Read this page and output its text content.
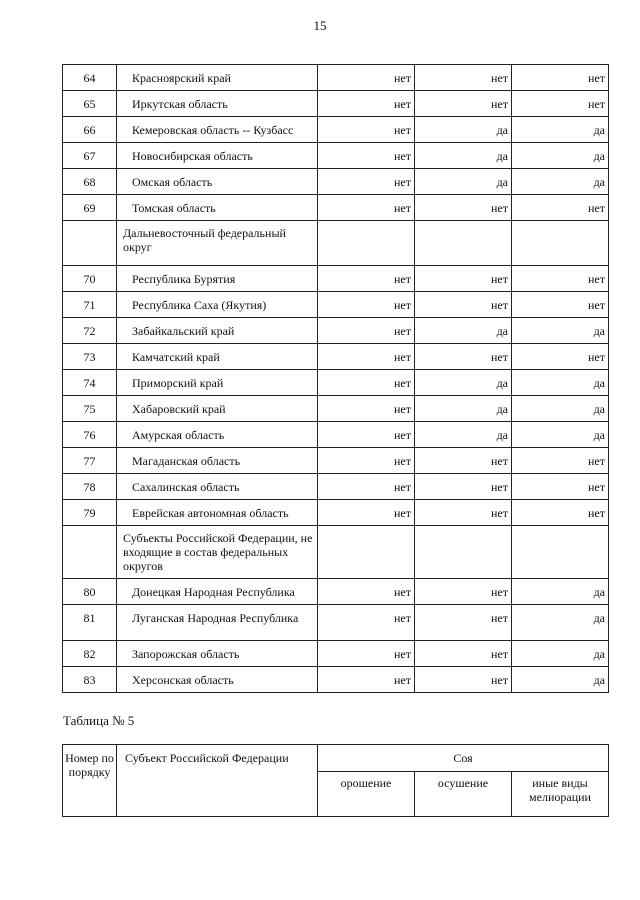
15
64	Красноярский край	нет	нет	нет
65	Иркутская область	нет	нет	нет
66	Кемеровская область -- Кузбасс	нет	да	да
67	Новосибирская область	нет	да	да
68	Омская область	нет	да	да
69	Томская область	нет	нет	нет
	Дальневосточный федеральный округ			
70	Республика Бурятия	нет	нет	нет
71	Республика Саха (Якутия)	нет	нет	нет
72	Забайкальский край	нет	да	да
73	Камчатский край	нет	нет	нет
74	Приморский край	нет	да	да
75	Хабаровский край	нет	да	да
76	Амурская область	нет	да	да
77	Магаданская область	нет	нет	нет
78	Сахалинская область	нет	нет	нет
79	Еврейская автономная область	нет	нет	нет
	Субъекты Российской Федерации, не входящие в состав федеральных округов			
80	Донецкая Народная Республика	нет	нет	да
81	Луганская Народная Республика	нет	нет	да
82	Запорожская область	нет	нет	да
83	Херсонская область	нет	нет	да
Таблица № 5
Номер по порядку	Субъект Российской Федерации	Соя		
		орошение	осушение	иные виды мелиорации
